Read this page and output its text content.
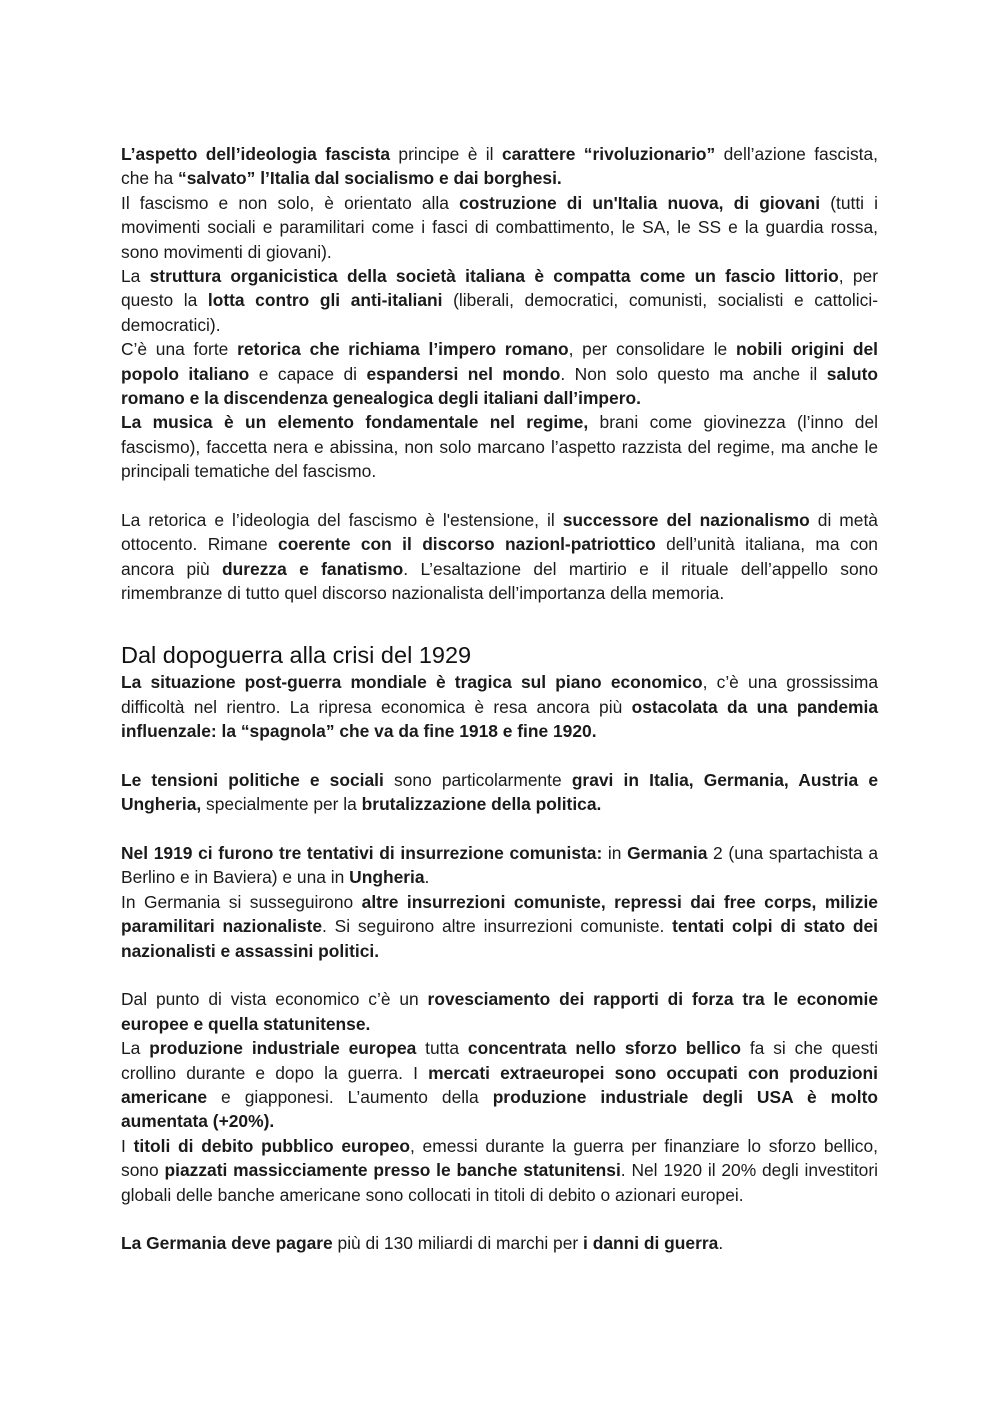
L’aspetto dell’ideologia fascista principe è il carattere “rivoluzionario” dell’azione fascista, che ha “salvato” l’Italia dal socialismo e dai borghesi.

Il fascismo e non solo, è orientato alla costruzione di un'Italia nuova, di giovani (tutti i movimenti sociali e paramilitari come i fasci di combattimento, le SA, le SS e la guardia rossa, sono movimenti di giovani).

La struttura organicistica della società italiana è compatta come un fascio littorio, per questo la lotta contro gli anti-italiani (liberali, democratici, comunisti, socialisti e cattolici-democratici).

C’è una forte retorica che richiama l’impero romano, per consolidare le nobili origini del popolo italiano e capace di espandersi nel mondo. Non solo questo ma anche il saluto romano e la discendenza genealogica degli italiani dall’impero.

La musica è un elemento fondamentale nel regime, brani come giovinezza (l’inno del fascismo), faccetta nera e abissina, non solo marcano l’aspetto razzista del regime, ma anche le principali tematiche del fascismo.

La retorica e l’ideologia del fascismo è l'estensione, il successore del nazionalismo di metà ottocento. Rimane coerente con il discorso nazionl-patriottico dell’unità italiana, ma con ancora più durezza e fanatismo. L’esaltazione del martirio e il rituale dell’appello sono rimembranze di tutto quel discorso nazionalista dell’importanza della memoria.

Dal dopoguerra alla crisi del 1929

La situazione post-guerra mondiale è tragica sul piano economico, c’è una grossissima difficoltà nel rientro. La ripresa economica è resa ancora più ostacolata da una pandemia influenzale: la “spagnola” che va da fine 1918 e fine 1920.

Le tensioni politiche e sociali sono particolarmente gravi in Italia, Germania, Austria e Ungheria, specialmente per la brutalizzazione della politica.

Nel 1919 ci furono tre tentativi di insurrezione comunista: in Germania 2 (una spartachista a Berlino e in Baviera) e una in Ungheria.

In Germania si susseguirono altre insurrezioni comuniste, repressi dai free corps, milizie paramilitari nazionaliste. Si seguirono altre insurrezioni comuniste. tentati colpi di stato dei nazionalisti e assassini politici.

Dal punto di vista economico c’è un rovesciamento dei rapporti di forza tra le economie europee e quella statunitense.

La produzione industriale europea tutta concentrata nello sforzo bellico fa si che questi crollino durante e dopo la guerra. I mercati extraeuropei sono occupati con produzioni americane e giapponesi. L’aumento della produzione industriale degli USA è molto aumentata (+20%).

I titoli di debito pubblico europeo, emessi durante la guerra per finanziare lo sforzo bellico, sono piazzati massicciamente presso le banche statunitensi. Nel 1920 il 20% degli investitori globali delle banche americane sono collocati in titoli di debito o azionari europei.

La Germania deve pagare più di 130 miliardi di marchi per i danni di guerra.
